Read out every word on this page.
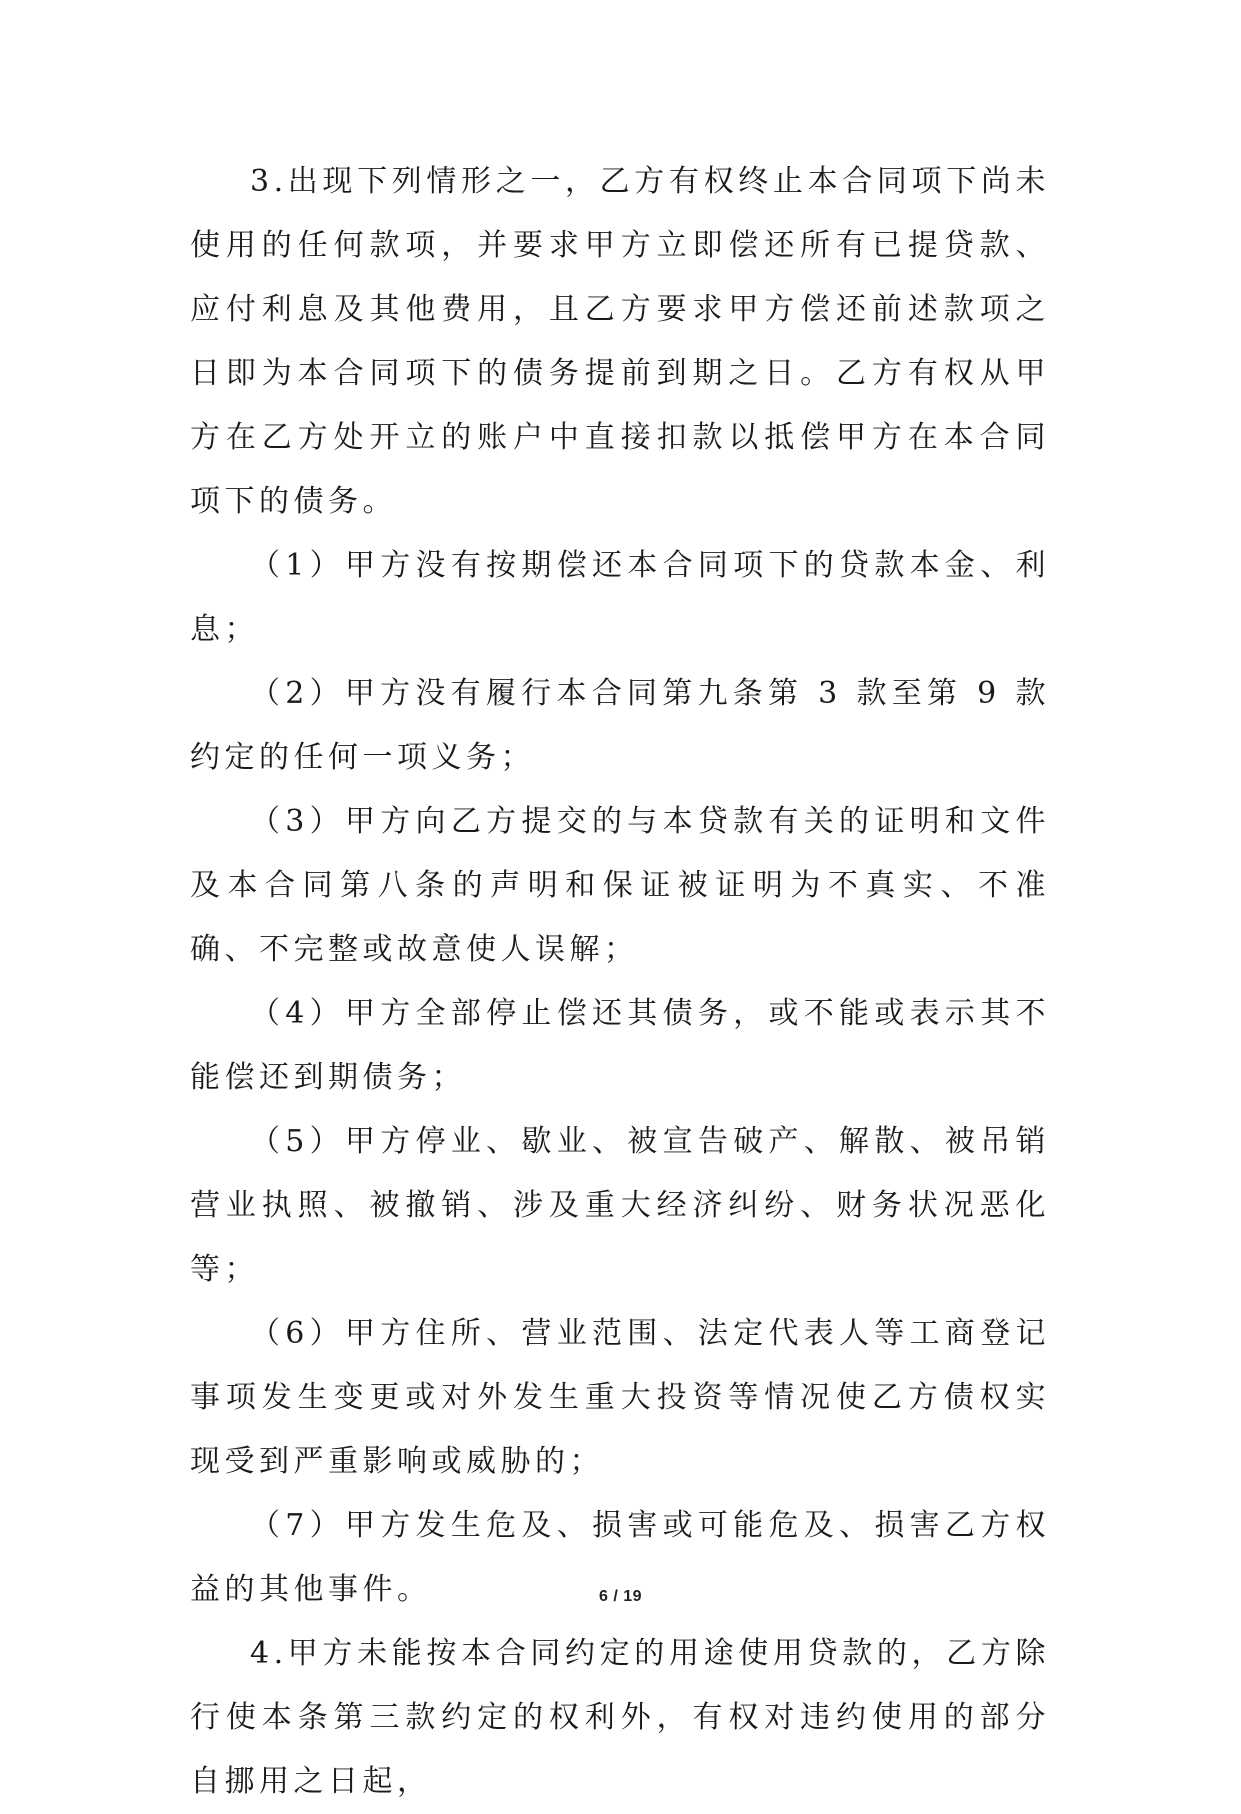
3.出现下列情形之一，乙方有权终止本合同项下尚未使用的任何款项，并要求甲方立即偿还所有已提贷款、应付利息及其他费用，且乙方要求甲方偿还前述款项之日即为本合同项下的债务提前到期之日。乙方有权从甲方在乙方处开立的账户中直接扣款以抵偿甲方在本合同项下的债务。

（1）甲方没有按期偿还本合同项下的贷款本金、利息；

（2）甲方没有履行本合同第九条第 3 款至第 9 款约定的任何一项义务；

（3）甲方向乙方提交的与本贷款有关的证明和文件及本合同第八条的声明和保证被证明为不真实、不准确、不完整或故意使人误解；

（4）甲方全部停止偿还其债务，或不能或表示其不能偿还到期债务；

（5）甲方停业、歇业、被宣告破产、解散、被吊销营业执照、被撤销、涉及重大经济纠纷、财务状况恶化等；

（6）甲方住所、营业范围、法定代表人等工商登记事项发生变更或对外发生重大投资等情况使乙方债权实现受到严重影响或威胁的；

（7）甲方发生危及、损害或可能危及、损害乙方权益的其他事件。

4.甲方未能按本合同约定的用途使用贷款的，乙方除行使本条第三款约定的权利外，有权对违约使用的部分自挪用之日起，

6 / 19
